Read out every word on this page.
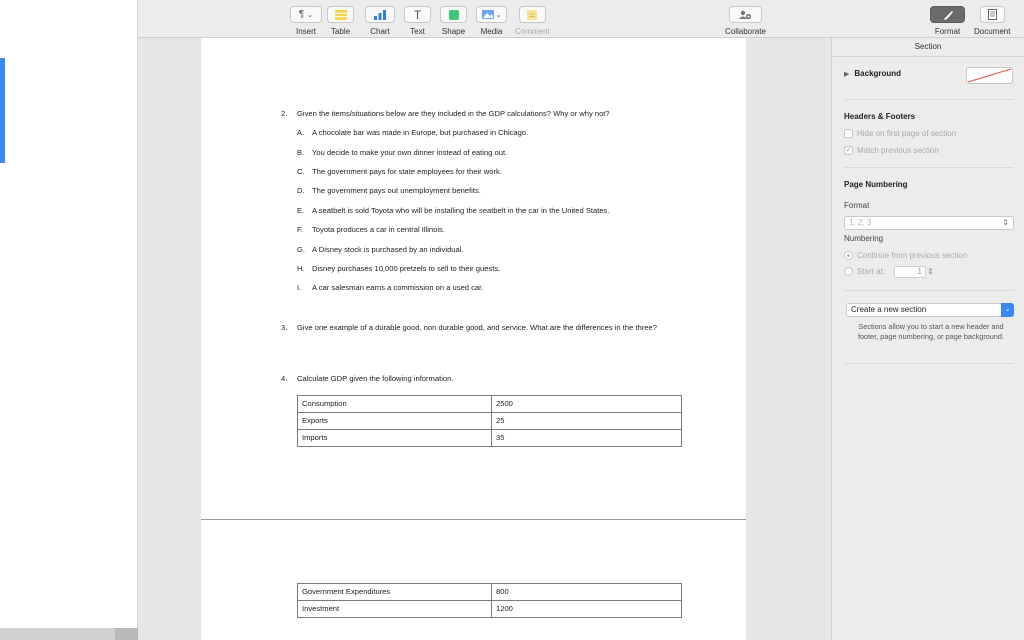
¶ ⌄
Insert Table	Chart
T
Text Shape
⌄
Media Comment	Collaborate	Format Document
2. Given the items/situations below are they included in the GDP calculations? Why or why not?
A.	A chocolate bar was made in Europe, but purchased in Chicago.
B.	You decide to make your own dinner instead of eating out.
C. The government pays for state employees for their work.
D. The government pays out unemployment benefits.
E.	A seatbelt is sold Toyota who will be installing the seatbelt in the car in the United States.
F.	Toyota produces a car in central Illinois.
G. A Disney stock is purchased by an individual.
H. Disney purchases 10,000 pretzels to sell to their guests.
I.	A car salesman earns a commission on a used car.
3. Give one example of a durable good, non durable good, and service. What are the differences in the three?
4. Calculate GDP given the following information.
Consumption	2500
Exports	25
Imports	35
Government Expenditures	800
Investment	1200
Section
▶ Background
Headers & Footers
Hide on first page of section
✓ Match previous section
Page Numbering
Format
1, 2, 3	⇕
Numbering
Continue from previous section
Start at:	1 ⇕
Create a new section	⌄
Sections allow you to start a new header and footer, page numbering, or page background.
